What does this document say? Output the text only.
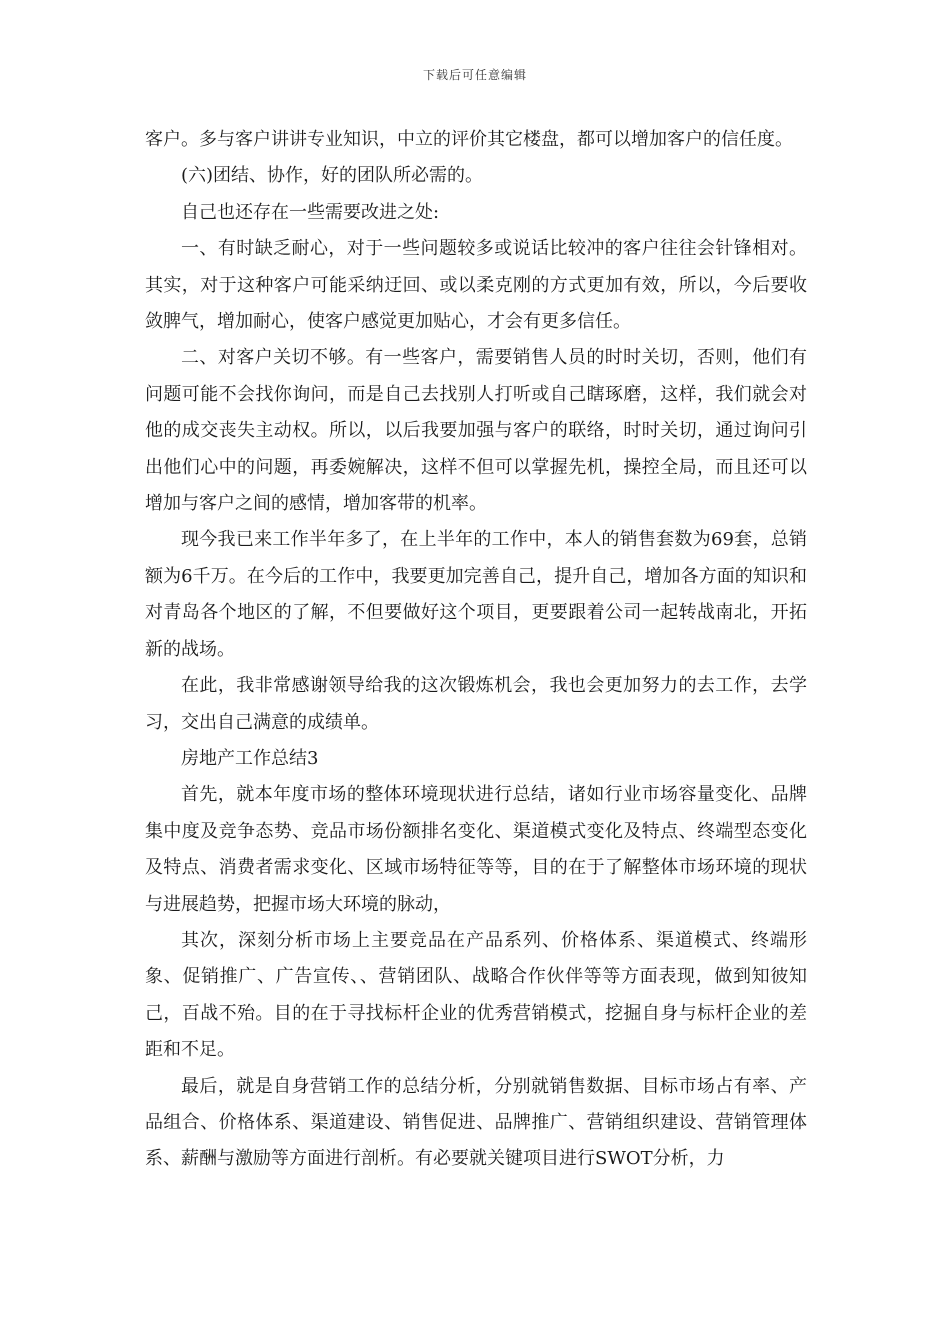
下载后可任意编辑

客户。多与客户讲讲专业知识，中立的评价其它楼盘，都可以增加客户的信任度。

(六)团结、协作，好的团队所必需的。

自己也还存在一些需要改进之处:

一、有时缺乏耐心，对于一些问题较多或说话比较冲的客户往往会针锋相对。其实，对于这种客户可能采纳迂回、或以柔克刚的方式更加有效，所以，今后要收敛脾气，增加耐心，使客户感觉更加贴心，才会有更多信任。

二、对客户关切不够。有一些客户，需要销售人员的时时关切，否则，他们有问题可能不会找你询问，而是自己去找别人打听或自己瞎琢磨，这样，我们就会对他的成交丧失主动权。所以，以后我要加强与客户的联络，时时关切，通过询问引出他们心中的问题，再委婉解决，这样不但可以掌握先机，操控全局，而且还可以增加与客户之间的感情，增加客带的机率。

现今我已来工作半年多了，在上半年的工作中，本人的销售套数为69套，总销额为6千万。在今后的工作中，我要更加完善自己，提升自己，增加各方面的知识和对青岛各个地区的了解，不但要做好这个项目，更要跟着公司一起转战南北，开拓新的战场。

在此，我非常感谢领导给我的这次锻炼机会，我也会更加努力的去工作，去学习，交出自己满意的成绩单。

房地产工作总结3

首先，就本年度市场的整体环境现状进行总结，诸如行业市场容量变化、品牌集中度及竞争态势、竞品市场份额排名变化、渠道模式变化及特点、终端型态变化及特点、消费者需求变化、区域市场特征等等，目的在于了解整体市场环境的现状与进展趋势，把握市场大环境的脉动，

其次，深刻分析市场上主要竞品在产品系列、价格体系、渠道模式、终端形象、促销推广、广告宣传、、营销团队、战略合作伙伴等等方面表现，做到知彼知己，百战不殆。目的在于寻找标杆企业的优秀营销模式，挖掘自身与标杆企业的差距和不足。

最后，就是自身营销工作的总结分析，分别就销售数据、目标市场占有率、产品组合、价格体系、渠道建设、销售促进、品牌推广、营销组织建设、营销管理体系、薪酬与激励等方面进行剖析。有必要就关键项目进行SWOT分析，力
